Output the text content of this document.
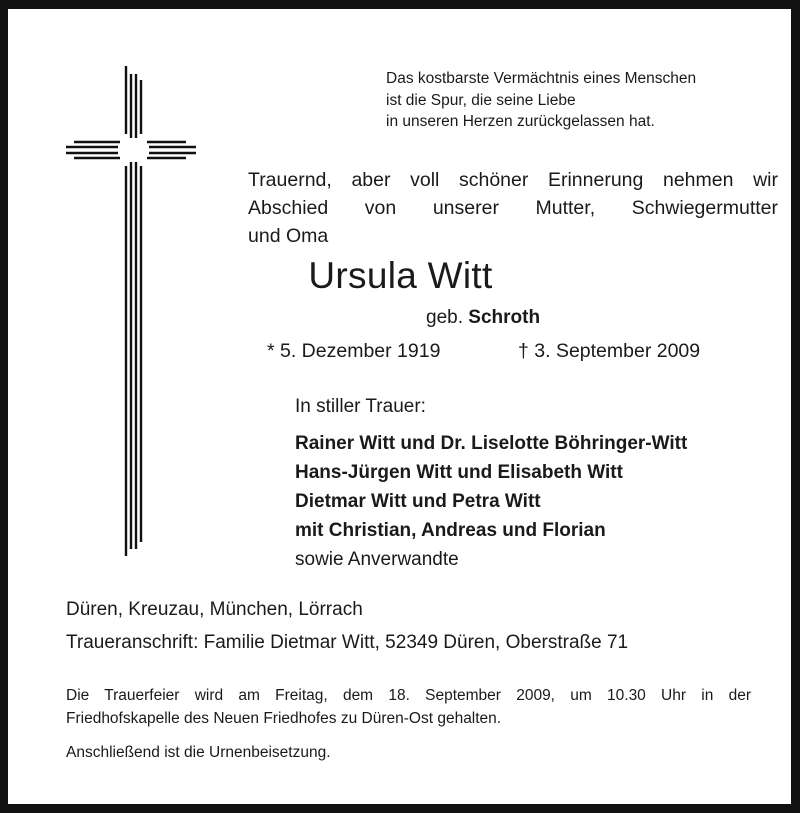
Das kostbarste Vermächtnis eines Menschen
ist die Spur, die seine Liebe
in unseren Herzen zurückgelassen hat.
Trauernd, aber voll schöner Erinnerung nehmen wir
Abschied von unserer Mutter, Schwiegermutter
und Oma
Ursula Witt
geb. Schroth
* 5. Dezember 1919	† 3. September 2009
In stiller Trauer:
Rainer Witt und Dr. Liselotte Böhringer-Witt
Hans-Jürgen Witt und Elisabeth Witt
Dietmar Witt und Petra Witt
mit Christian, Andreas und Florian
sowie Anverwandte
Düren, Kreuzau, München, Lörrach
Traueranschrift: Familie Dietmar Witt, 52349 Düren, Oberstraße 71
Die Trauerfeier wird am Freitag, dem 18. September 2009, um 10.30 Uhr in der
Friedhofskapelle des Neuen Friedhofes zu Düren-Ost gehalten.
Anschließend ist die Urnenbeisetzung.
